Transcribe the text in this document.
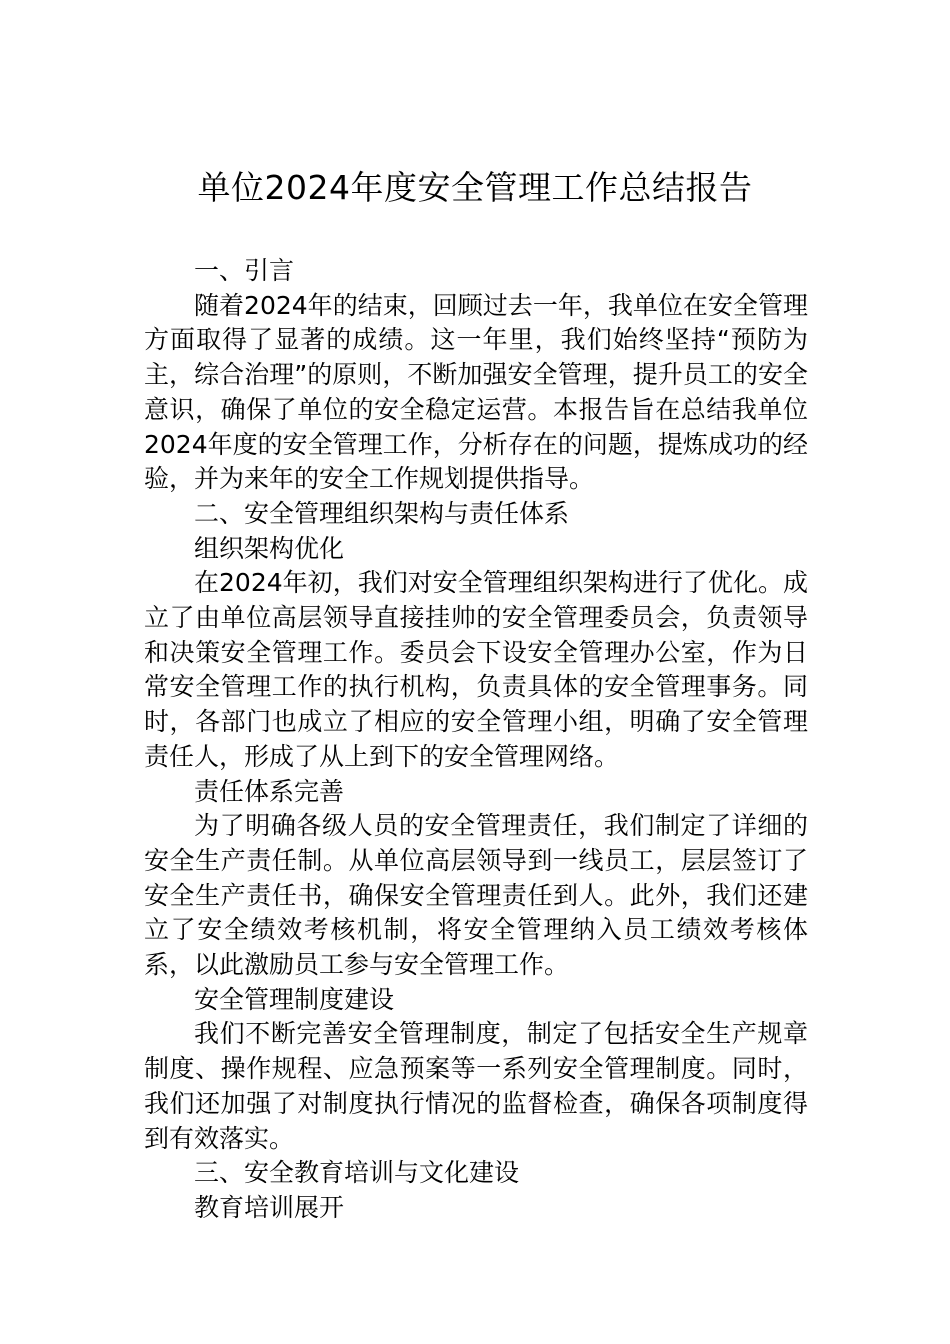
单位2024年度安全管理工作总结报告

一、引言

随着2024年的结束，回顾过去一年，我单位在安全管理方面取得了显著的成绩。这一年里，我们始终坚持“预防为主，综合治理”的原则，不断加强安全管理，提升员工的安全意识，确保了单位的安全稳定运营。本报告旨在总结我单位2024年度的安全管理工作，分析存在的问题，提炼成功的经验，并为来年的安全工作规划提供指导。

二、安全管理组织架构与责任体系

组织架构优化

在2024年初，我们对安全管理组织架构进行了优化。成立了由单位高层领导直接挂帅的安全管理委员会，负责领导和决策安全管理工作。委员会下设安全管理办公室，作为日常安全管理工作的执行机构，负责具体的安全管理事务。同时，各部门也成立了相应的安全管理小组，明确了安全管理责任人，形成了从上到下的安全管理网络。

责任体系完善

为了明确各级人员的安全管理责任，我们制定了详细的安全生产责任制。从单位高层领导到一线员工，层层签订了安全生产责任书，确保安全管理责任到人。此外，我们还建立了安全绩效考核机制，将安全管理纳入员工绩效考核体系，以此激励员工参与安全管理工作。

安全管理制度建设

我们不断完善安全管理制度，制定了包括安全生产规章制度、操作规程、应急预案等一系列安全管理制度。同时，我们还加强了对制度执行情况的监督检查，确保各项制度得到有效落实。

三、安全教育培训与文化建设

教育培训展开
